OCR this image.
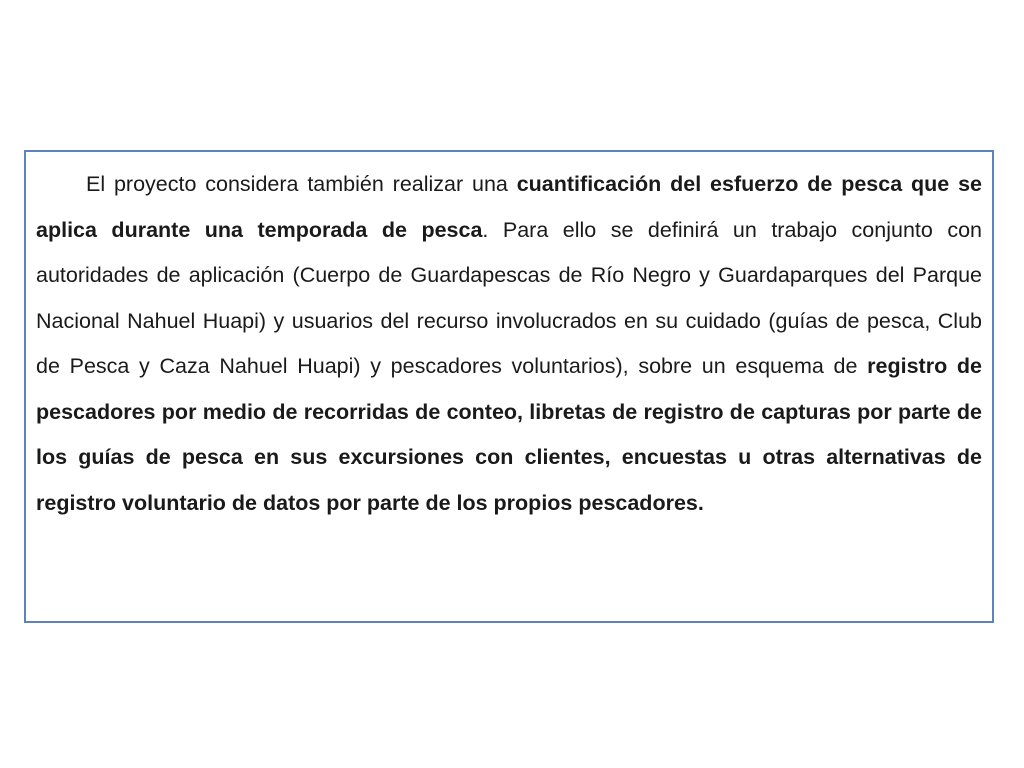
El proyecto considera también realizar una cuantificación del esfuerzo de pesca que se aplica durante una temporada de pesca. Para ello se definirá un trabajo conjunto con autoridades de aplicación (Cuerpo de Guardapescas de Río Negro y Guardaparques del Parque Nacional Nahuel Huapi) y usuarios del recurso involucrados en su cuidado (guías de pesca, Club de Pesca y Caza Nahuel Huapi) y pescadores voluntarios), sobre un esquema de registro de pescadores por medio de recorridas de conteo, libretas de registro de capturas por parte de los guías de pesca en sus excursiones con clientes, encuestas u otras alternativas de registro voluntario de datos por parte de los propios pescadores.
